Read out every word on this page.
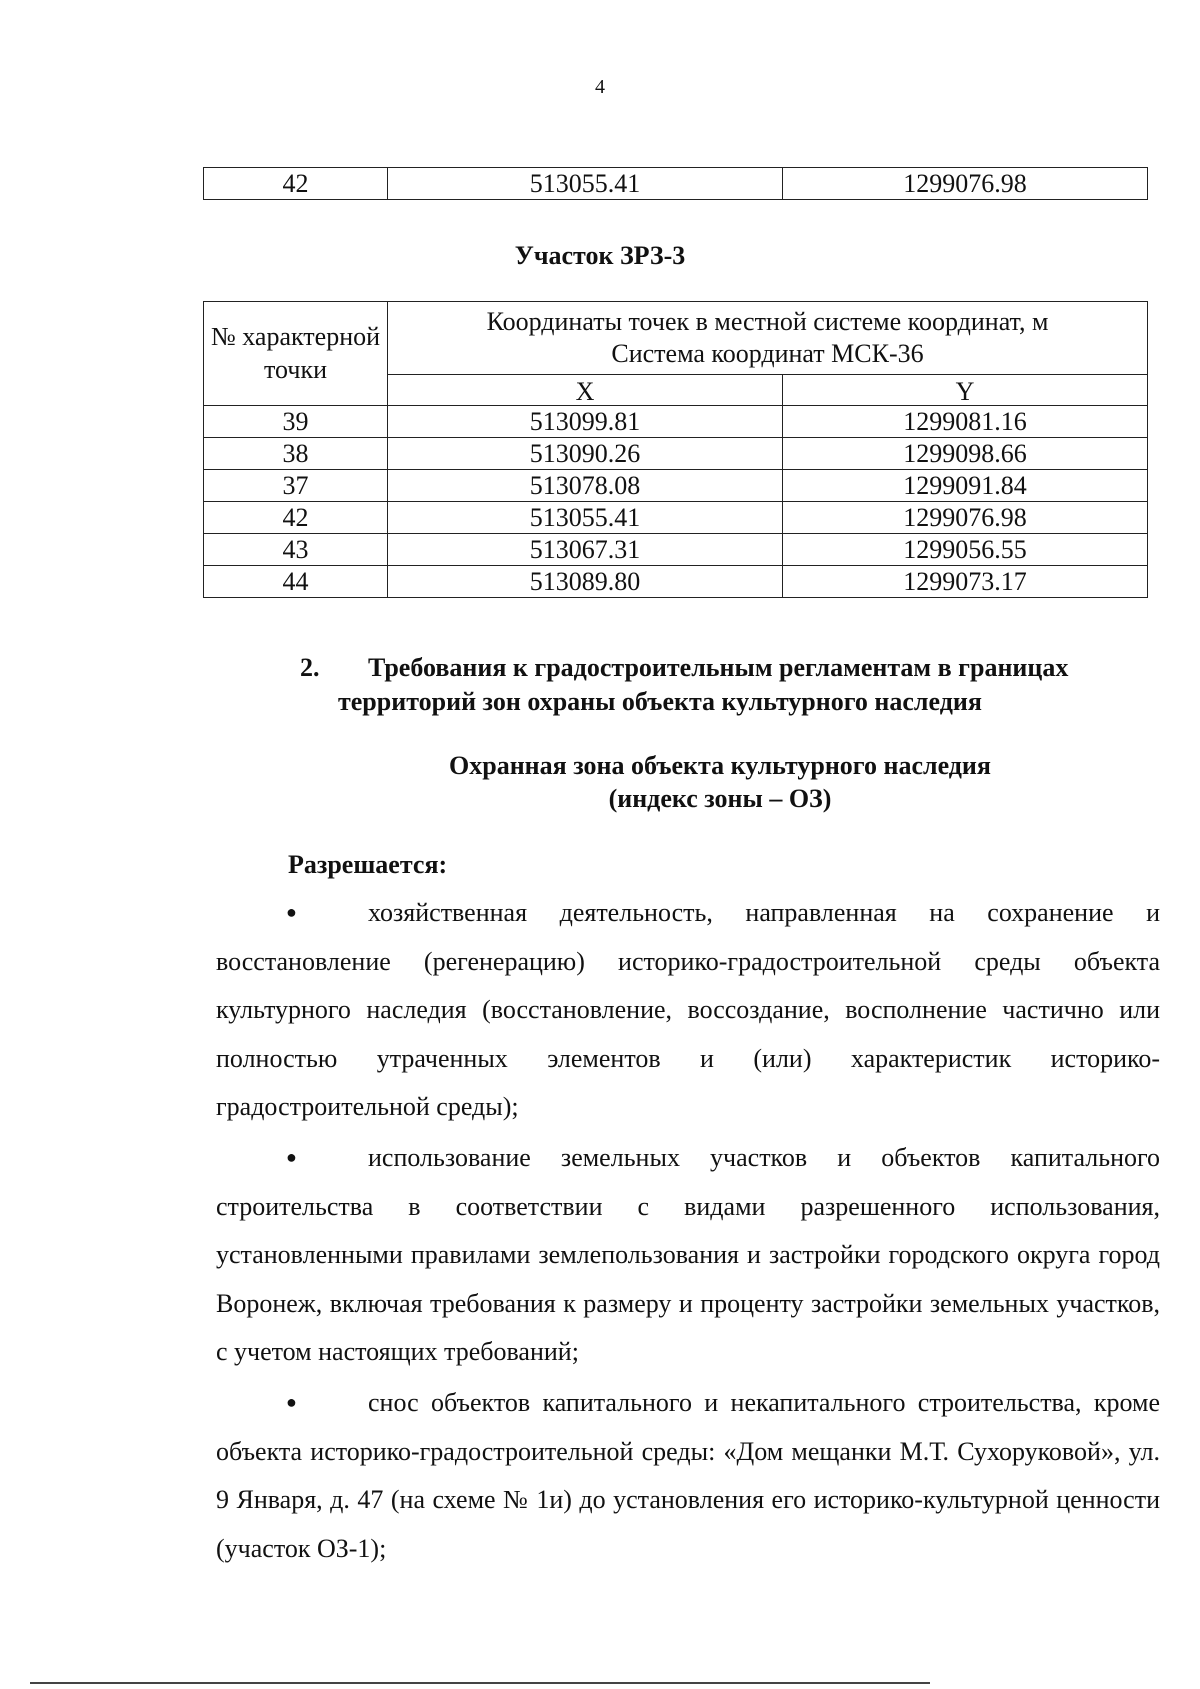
4
42	513055.41	1299076.98
Участок ЗРЗ-3
№ характерной точки	Координаты точек в местной системе координат, м
Система координат МСК-36	

	X	Y
39	513099.81	1299081.16
38	513090.26	1299098.66
37	513078.08	1299091.84
42	513055.41	1299076.98
43	513067.31	1299056.55
44	513089.80	1299073.17
2. Требования к градостроительным регламентам в границах
территорий зон охраны объекта культурного наследия
Охранная зона объекта культурного наследия
(индекс зоны – ОЗ)
Разрешается:

●	хозяйственная деятельность, направленная на сохранение и восстановление (регенерацию) историко-градостроительной среды объекта культурного наследия (восстановление, воссоздание, восполнение частично или полностью утраченных элементов и (или) характеристик историко-градостроительной среды);

●	использование земельных участков и объектов капитального строительства в соответствии с видами разрешенного использования, установленными правилами землепользования и застройки городского округа город Воронеж, включая требования к размеру и проценту застройки земельных участков, с учетом настоящих требований;

●	снос объектов капитального и некапитального строительства, кроме объекта историко-градостроительной среды: «Дом мещанки М.Т. Сухоруковой», ул. 9 Января, д. 47 (на схеме № 1и) до установления его историко-культурной ценности (участок ОЗ-1);
